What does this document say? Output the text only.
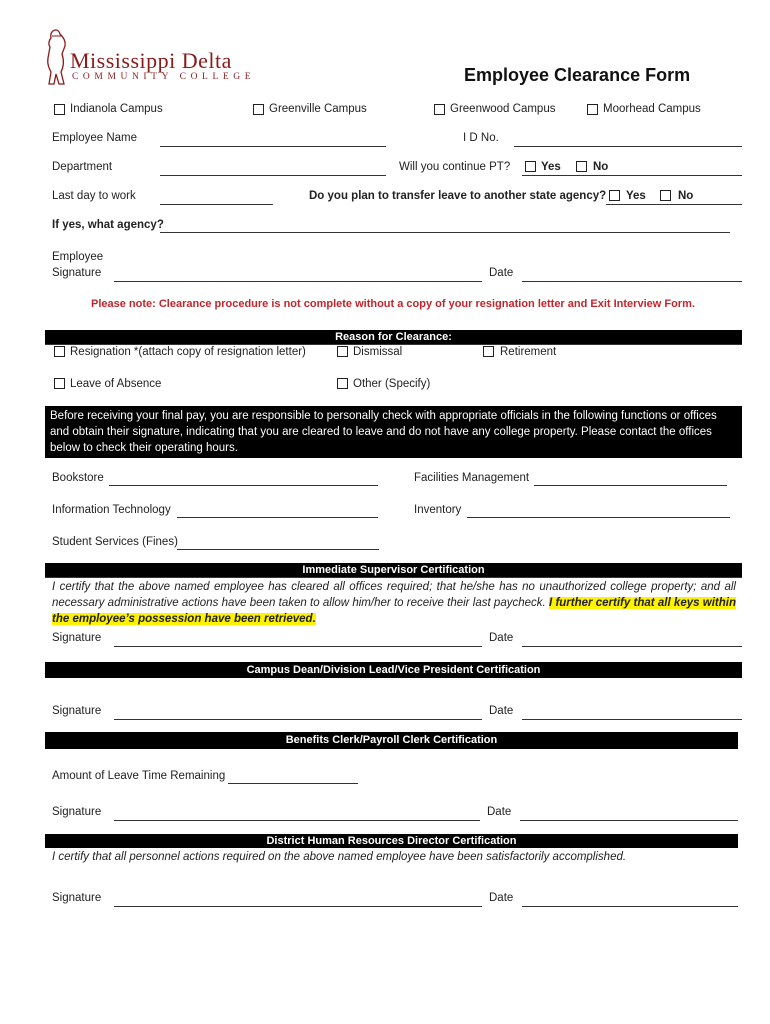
Mississippi Delta
COMMUNITY COLLEGE	Employee Clearance Form
Indianola Campus	Greenville Campus	Greenwood Campus	Moorhead Campus
Employee Name	I D No.
Department	Will you continue PT?	Yes	No
Last day to work	Do you plan to transfer leave to another state agency? Yes	No
If yes, what agency?
Employee
Signature	Date
Please note: Clearance procedure is not complete without a copy of your resignation letter and Exit Interview Form.
Reason for Clearance:
Resignation *(attach copy of resignation letter)	Dismissal	Retirement
Leave of Absence	Other (Specify)
Before receiving your final pay, you are responsible to personally check with appropriate officials in the following functions or offices and obtain their signature, indicating that you are cleared to leave and do not have any college property. Please contact the offices below to check their operating hours.
Bookstore	Facilities Management
Information Technology	Inventory
Student Services (Fines)
Immediate Supervisor Certification
I certify that the above named employee has cleared all offices required; that he/she has no unauthorized college property; and all necessary administrative actions have been taken to allow him/her to receive their last paycheck. I further certify that all keys within the employee’s possession have been retrieved.
Signature	Date
Campus Dean/Division Lead/Vice President Certification
Signature	Date
Benefits Clerk/Payroll Clerk Certification
Amount of Leave Time Remaining
Signature	Date
District Human Resources Director Certification
I certify that all personnel actions required on the above named employee have been satisfactorily accomplished.
Signature	Date
